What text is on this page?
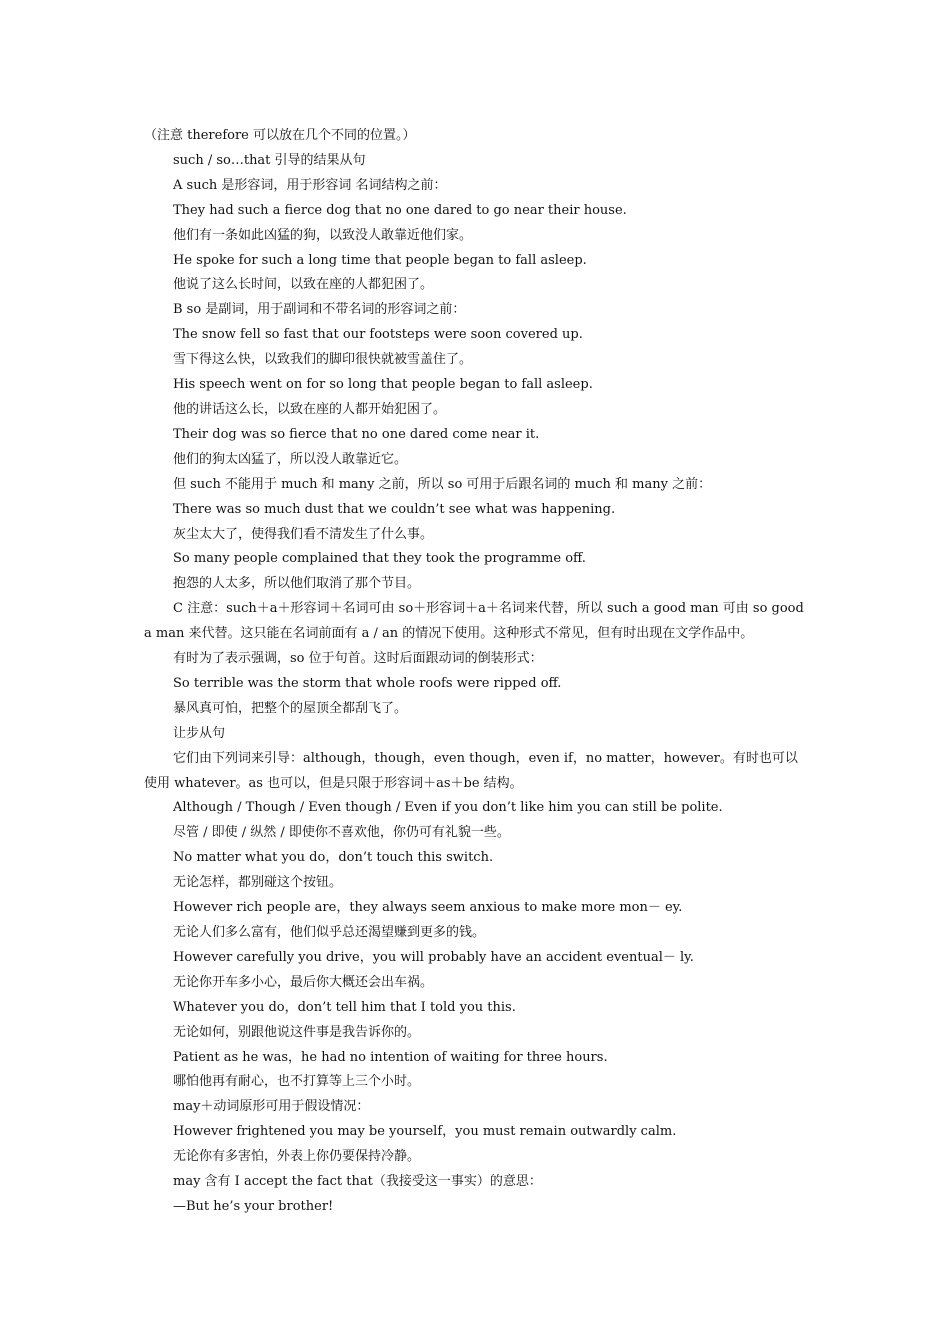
（注意 therefore 可以放在几个不同的位置。）

such / so…that 引导的结果从句

A such 是形容词，用于形容词 名词结构之前：

They had such a fierce dog that no one dared to go near their house.

他们有一条如此凶猛的狗，以致没人敢靠近他们家。

He spoke for such a long time that people began to fall asleep.

他说了这么长时间，以致在座的人都犯困了。

B so 是副词，用于副词和不带名词的形容词之前：

The snow fell so fast that our footsteps were soon covered up.

雪下得这么快，以致我们的脚印很快就被雪盖住了。

His speech went on for so long that people began to fall asleep.

他的讲话这么长，以致在座的人都开始犯困了。

Their dog was so fierce that no one dared come near it.

他们的狗太凶猛了，所以没人敢靠近它。

但 such 不能用于 much 和 many 之前，所以 so 可用于后跟名词的 much 和 many 之前：

There was so much dust that we couldn’t see what was happening.

灰尘太大了，使得我们看不清发生了什么事。

So many people complained that they took the programme off.

抱怨的人太多，所以他们取消了那个节目。

C 注意：such＋a＋形容词＋名词可由 so＋形容词＋a＋名词来代替，所以 such a good man 可由 so good a man 来代替。这只能在名词前面有 a / an 的情况下使用。这种形式不常见，但有时出现在文学作品中。

有时为了表示强调，so 位于句首。这时后面跟动词的倒装形式：

So terrible was the storm that whole roofs were ripped off.

暴风真可怕，把整个的屋顶全都刮飞了。

让步从句

它们由下列词来引导：although，though，even though，even if，no matter，however。有时也可以使用 whatever。as 也可以，但是只限于形容词＋as＋be 结构。

Although / Though / Even though / Even if you don’t like him you can still be polite.

尽管 / 即使 / 纵然 / 即使你不喜欢他，你仍可有礼貌一些。

No matter what you do，don’t touch this switch.

无论怎样，都别碰这个按钮。

However rich people are，they always seem anxious to make more mon－ ey.

无论人们多么富有，他们似乎总还渴望赚到更多的钱。

However carefully you drive，you will probably have an accident eventual－ ly.

无论你开车多小心，最后你大概还会出车祸。

Whatever you do，don’t tell him that I told you this.

无论如何，别跟他说这件事是我告诉你的。

Patient as he was，he had no intention of waiting for three hours.

哪怕他再有耐心，也不打算等上三个小时。

may＋动词原形可用于假设情况：

However frightened you may be yourself，you must remain outwardly calm.

无论你有多害怕，外表上你仍要保持冷静。

may 含有 I accept the fact that（我接受这一事实）的意思：

—But he’s your brother!
